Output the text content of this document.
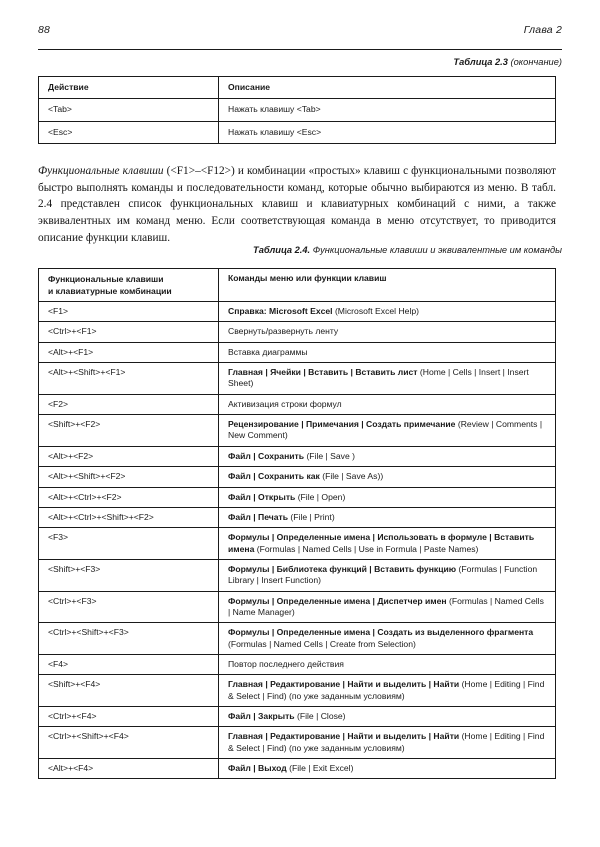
88	Глава 2
Таблица 2.3 (окончание)
Действие	Описание
<Tab>	Нажать клавишу <Tab>
<Esc>	Нажать клавишу <Esc>

Функциональные клавиши (<F1>–<F12>) и комбинации «простых» клавиш с функциональными позволяют быстро выполнять команды и последовательности команд, которые обычно выбираются из меню. В табл. 2.4 представлен список функциональных клавиш и клавиатурных комбинаций с ними, а также эквивалентных им команд меню. Если соответствующая команда в меню отсутствует, то приводится описание функции клавиш.

Таблица 2.4. Функциональные клавиши и эквивалентные им команды
Функциональные клавиши
и клавиатурные комбинации	Команды меню или функции клавиш
<F1>	Справка: Microsoft Excel (Microsoft Excel Help)
<Ctrl>+<F1>	Свернуть/развернуть ленту
<Alt>+<F1>	Вставка диаграммы
<Alt>+<Shift>+<F1>	Главная | Ячейки | Вставить | Вставить лист (Home | Cells | Insert | Insert Sheet)
<F2>	Активизация строки формул
<Shift>+<F2>	Рецензирование | Примечания | Создать примечание (Review | Comments | New Comment)
<Alt>+<F2>	Файл | Сохранить (File | Save )
<Alt>+<Shift>+<F2>	Файл | Сохранить как (File | Save As))
<Alt>+<Ctrl>+<F2>	Файл | Открыть (File | Open)
<Alt>+<Ctrl>+<Shift>+<F2>	Файл | Печать (File | Print)
<F3>	Формулы | Определенные имена | Использовать в формуле | Вставить имена (Formulas | Named Cells | Use in Formula | Paste Names)
<Shift>+<F3>	Формулы | Библиотека функций | Вставить функцию (Formulas | Function Library | Insert Function)
<Ctrl>+<F3>	Формулы | Определенные имена | Диспетчер имен (Formulas | Named Cells | Name Manager)
<Ctrl>+<Shift>+<F3>	Формулы | Определенные имена | Создать из выделенного фрагмента (Formulas | Named Cells | Create from Selection)
<F4>	Повтор последнего действия
<Shift>+<F4>	Главная | Редактирование | Найти и выделить | Найти (Home | Editing | Find & Select | Find) (по уже заданным условиям)
<Ctrl>+<F4>	Файл | Закрыть (File | Close)
<Ctrl>+<Shift>+<F4>	Главная | Редактирование | Найти и выделить | Найти (Home | Editing | Find & Select | Find) (по уже заданным условиям)
<Alt>+<F4>	Файл | Выход (File | Exit Excel)
